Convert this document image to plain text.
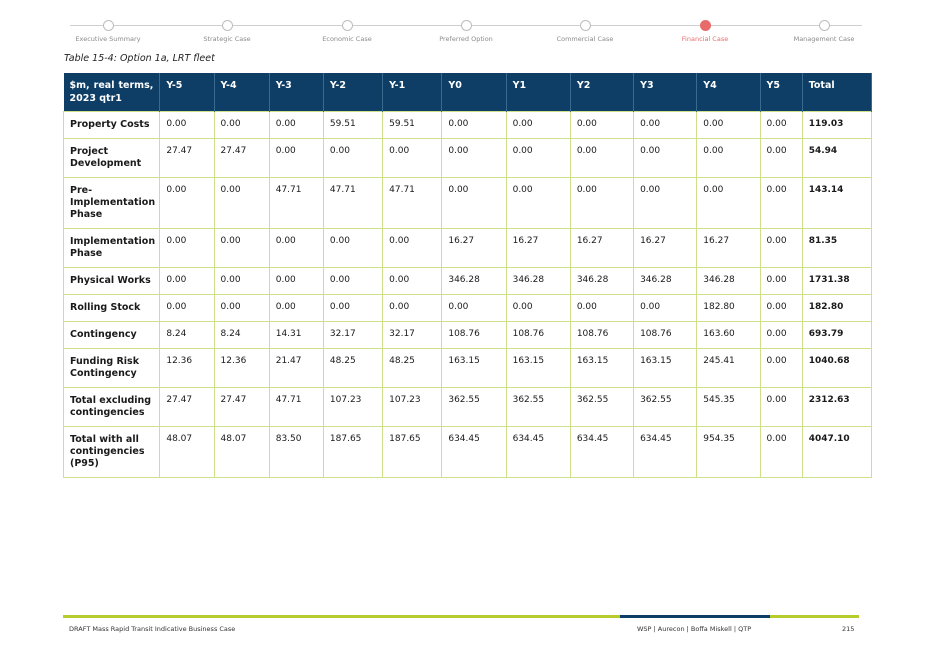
Executive Summary	Strategic Case	Economic Case	Preferred Option	Commercial Case	Financial Case	Management Case
Table 15-4: Option 1a, LRT fleet
$m, real terms, 2023 qtr1	Y-5	Y-4	Y-3	Y-2	Y-1	Y0	Y1	Y2	Y3	Y4	Y5	Total
Property Costs	0.00	0.00	0.00	59.51	59.51	0.00	0.00	0.00	0.00	0.00	0.00	119.03
Project Development	27.47	27.47	0.00	0.00	0.00	0.00	0.00	0.00	0.00	0.00	0.00	54.94
Pre-Implementation Phase	0.00	0.00	47.71	47.71	47.71	0.00	0.00	0.00	0.00	0.00	0.00	143.14
Implementation Phase	0.00	0.00	0.00	0.00	0.00	16.27	16.27	16.27	16.27	16.27	0.00	81.35
Physical Works	0.00	0.00	0.00	0.00	0.00	346.28	346.28	346.28	346.28	346.28	0.00	1731.38
Rolling Stock	0.00	0.00	0.00	0.00	0.00	0.00	0.00	0.00	0.00	182.80	0.00	182.80
Contingency	8.24	8.24	14.31	32.17	32.17	108.76	108.76	108.76	108.76	163.60	0.00	693.79
Funding Risk Contingency	12.36	12.36	21.47	48.25	48.25	163.15	163.15	163.15	163.15	245.41	0.00	1040.68
Total excluding contingencies	27.47	27.47	47.71	107.23	107.23	362.55	362.55	362.55	362.55	545.35	0.00	2312.63
Total with all contingencies (P95)	48.07	48.07	83.50	187.65	187.65	634.45	634.45	634.45	634.45	954.35	0.00	4047.10
DRAFT Mass Rapid Transit Indicative Business Case	WSP | Aurecon | Boffa Miskell | QTP	215
